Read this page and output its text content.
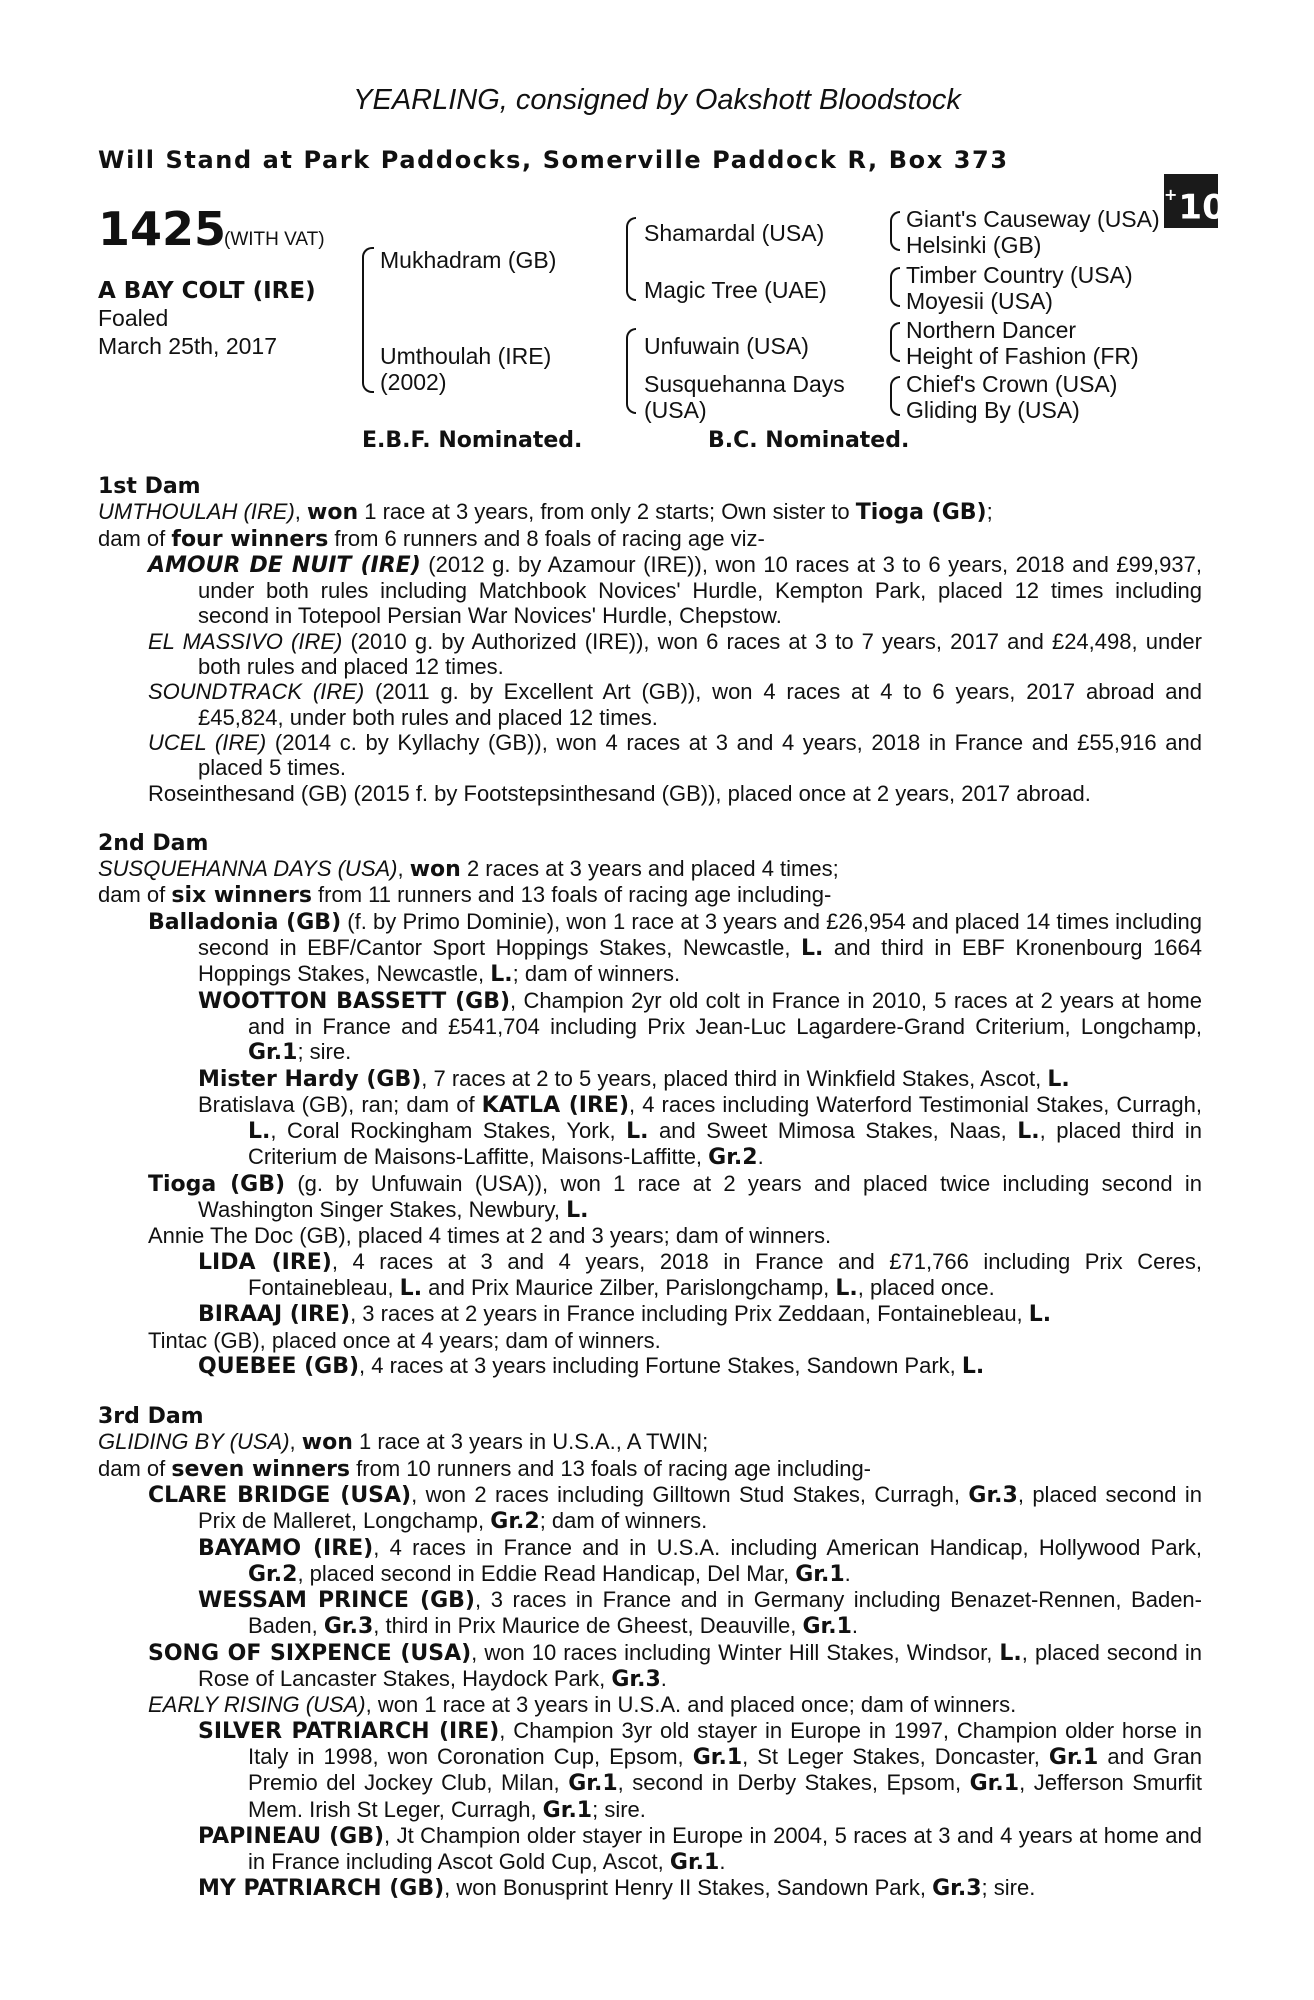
YEARLING, consigned by Oakshott Bloodstock
Will Stand at Park Paddocks, Somerville Paddock R, Box 373
+10
1425
(WITH VAT)
A BAY COLT (IRE)
Foaled
March 25th, 2017
Mukhadram (GB)
Umthoulah (IRE)
(2002)
Shamardal (USA)
Magic Tree (UAE)
Unfuwain (USA)
Susquehanna Days
(USA)
Giant's Causeway (USA)
Helsinki (GB)
Timber Country (USA)
Moyesii (USA)
Northern Dancer
Height of Fashion (FR)
Chief's Crown (USA)
Gliding By (USA)
E.B.F. Nominated.	B.C. Nominated.
1st Dam
UMTHOULAH (IRE), won 1 race at 3 years, from only 2 starts; Own sister to Tioga (GB);
dam of four winners from 6 runners and 8 foals of racing age viz-
AMOUR DE NUIT (IRE) (2012 g. by Azamour (IRE)), won 10 races at 3 to 6 years, 2018 and £99,937, under both rules including Matchbook Novices' Hurdle, Kempton Park, placed 12 times including second in Totepool Persian War Novices' Hurdle, Chepstow.
EL MASSIVO (IRE) (2010 g. by Authorized (IRE)), won 6 races at 3 to 7 years, 2017 and £24,498, under both rules and placed 12 times.
SOUNDTRACK (IRE) (2011 g. by Excellent Art (GB)), won 4 races at 4 to 6 years, 2017 abroad and £45,824, under both rules and placed 12 times.
UCEL (IRE) (2014 c. by Kyllachy (GB)), won 4 races at 3 and 4 years, 2018 in France and £55,916 and placed 5 times.
Roseinthesand (GB) (2015 f. by Footstepsinthesand (GB)), placed once at 2 years, 2017 abroad.
2nd Dam
SUSQUEHANNA DAYS (USA), won 2 races at 3 years and placed 4 times;
dam of six winners from 11 runners and 13 foals of racing age including-
Balladonia (GB) (f. by Primo Dominie), won 1 race at 3 years and £26,954 and placed 14 times including second in EBF/Cantor Sport Hoppings Stakes, Newcastle, L. and third in EBF Kronenbourg 1664 Hoppings Stakes, Newcastle, L.; dam of winners.
WOOTTON BASSETT (GB), Champion 2yr old colt in France in 2010, 5 races at 2 years at home and in France and £541,704 including Prix Jean-Luc Lagardere-Grand Criterium, Longchamp, Gr.1; sire.
Mister Hardy (GB), 7 races at 2 to 5 years, placed third in Winkfield Stakes, Ascot, L.
Bratislava (GB), ran; dam of KATLA (IRE), 4 races including Waterford Testimonial Stakes, Curragh, L., Coral Rockingham Stakes, York, L. and Sweet Mimosa Stakes, Naas, L., placed third in Criterium de Maisons-Laffitte, Maisons-Laffitte, Gr.2.
Tioga (GB) (g. by Unfuwain (USA)), won 1 race at 2 years and placed twice including second in Washington Singer Stakes, Newbury, L.
Annie The Doc (GB), placed 4 times at 2 and 3 years; dam of winners.
LIDA (IRE), 4 races at 3 and 4 years, 2018 in France and £71,766 including Prix Ceres, Fontainebleau, L. and Prix Maurice Zilber, Parislongchamp, L., placed once.
BIRAAJ (IRE), 3 races at 2 years in France including Prix Zeddaan, Fontainebleau, L.
Tintac (GB), placed once at 4 years; dam of winners.
QUEBEE (GB), 4 races at 3 years including Fortune Stakes, Sandown Park, L.
3rd Dam
GLIDING BY (USA), won 1 race at 3 years in U.S.A., A TWIN;
dam of seven winners from 10 runners and 13 foals of racing age including-
CLARE BRIDGE (USA), won 2 races including Gilltown Stud Stakes, Curragh, Gr.3, placed second in Prix de Malleret, Longchamp, Gr.2; dam of winners.
BAYAMO (IRE), 4 races in France and in U.S.A. including American Handicap, Hollywood Park, Gr.2, placed second in Eddie Read Handicap, Del Mar, Gr.1.
WESSAM PRINCE (GB), 3 races in France and in Germany including Benazet-Rennen, Baden-Baden, Gr.3, third in Prix Maurice de Gheest, Deauville, Gr.1.
SONG OF SIXPENCE (USA), won 10 races including Winter Hill Stakes, Windsor, L., placed second in Rose of Lancaster Stakes, Haydock Park, Gr.3.
EARLY RISING (USA), won 1 race at 3 years in U.S.A. and placed once; dam of winners.
SILVER PATRIARCH (IRE), Champion 3yr old stayer in Europe in 1997, Champion older horse in Italy in 1998, won Coronation Cup, Epsom, Gr.1, St Leger Stakes, Doncaster, Gr.1 and Gran Premio del Jockey Club, Milan, Gr.1, second in Derby Stakes, Epsom, Gr.1, Jefferson Smurfit Mem. Irish St Leger, Curragh, Gr.1; sire.
PAPINEAU (GB), Jt Champion older stayer in Europe in 2004, 5 races at 3 and 4 years at home and in France including Ascot Gold Cup, Ascot, Gr.1.
MY PATRIARCH (GB), won Bonusprint Henry II Stakes, Sandown Park, Gr.3; sire.
